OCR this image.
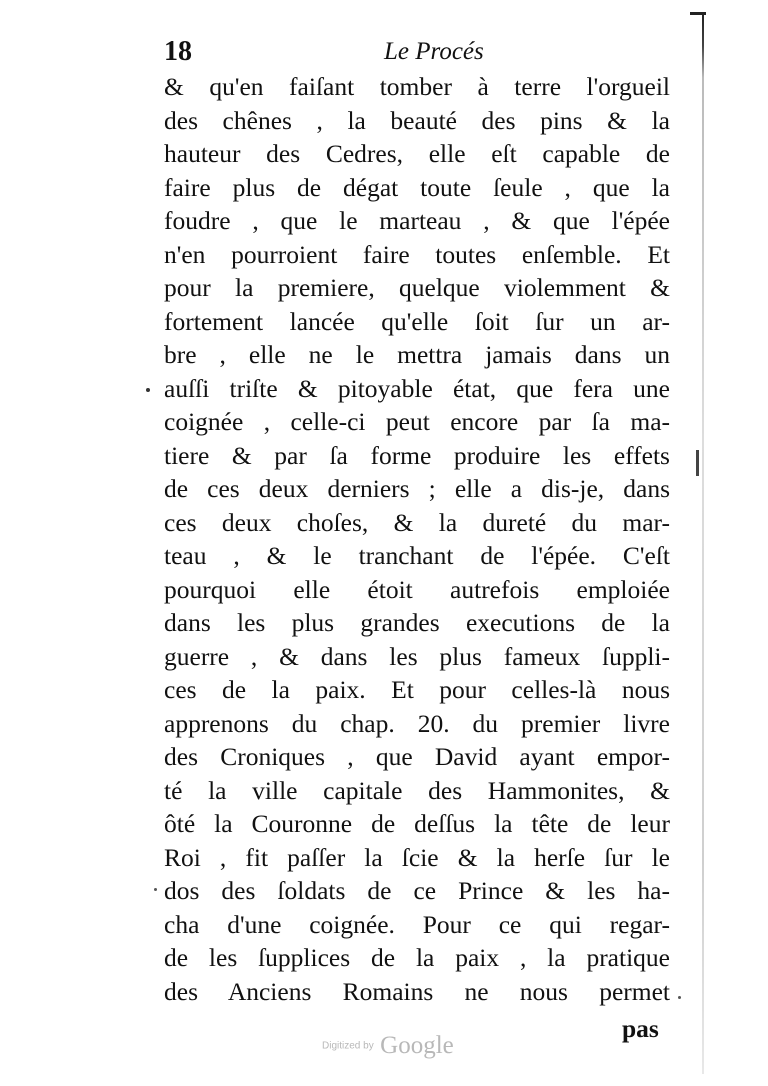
18	Le Procés
& qu'en faiſant tomber à terre l'orgueil
des chênes , la beauté des pins & la
hauteur des Cedres, elle eſt capable de
faire plus de dégat toute ſeule , que la
foudre , que le marteau , & que l'épée
n'en pourroient faire toutes enſemble. Et
pour la premiere, quelque violemment &
fortement lancée qu'elle ſoit ſur un ar-
bre , elle ne le mettra jamais dans un
auſſi triſte & pitoyable état, que fera une
coignée , celle-ci peut encore par ſa ma-
tiere & par ſa forme produire les effets
de ces deux derniers ; elle a dis-je, dans
ces deux choſes, & la dureté du mar-
teau , & le tranchant de l'épée. C'eſt
pourquoi elle étoit autrefois emploiée
dans les plus grandes executions de la
guerre , & dans les plus fameux ſuppli-
ces de la paix. Et pour celles-là nous
apprenons du chap. 20. du premier livre
des Croniques , que David ayant empor-
té la ville capitale des Hammonites, &
ôté la Couronne de deſſus la tête de leur
Roi , fit paſſer la ſcie & la herſe ſur le
dos des ſoldats de ce Prince & les ha-
cha d'une coignée. Pour ce qui regar-
de les ſupplices de la paix , la pratique
des Anciens Romains ne nous permet
pas
Digitized by Google
